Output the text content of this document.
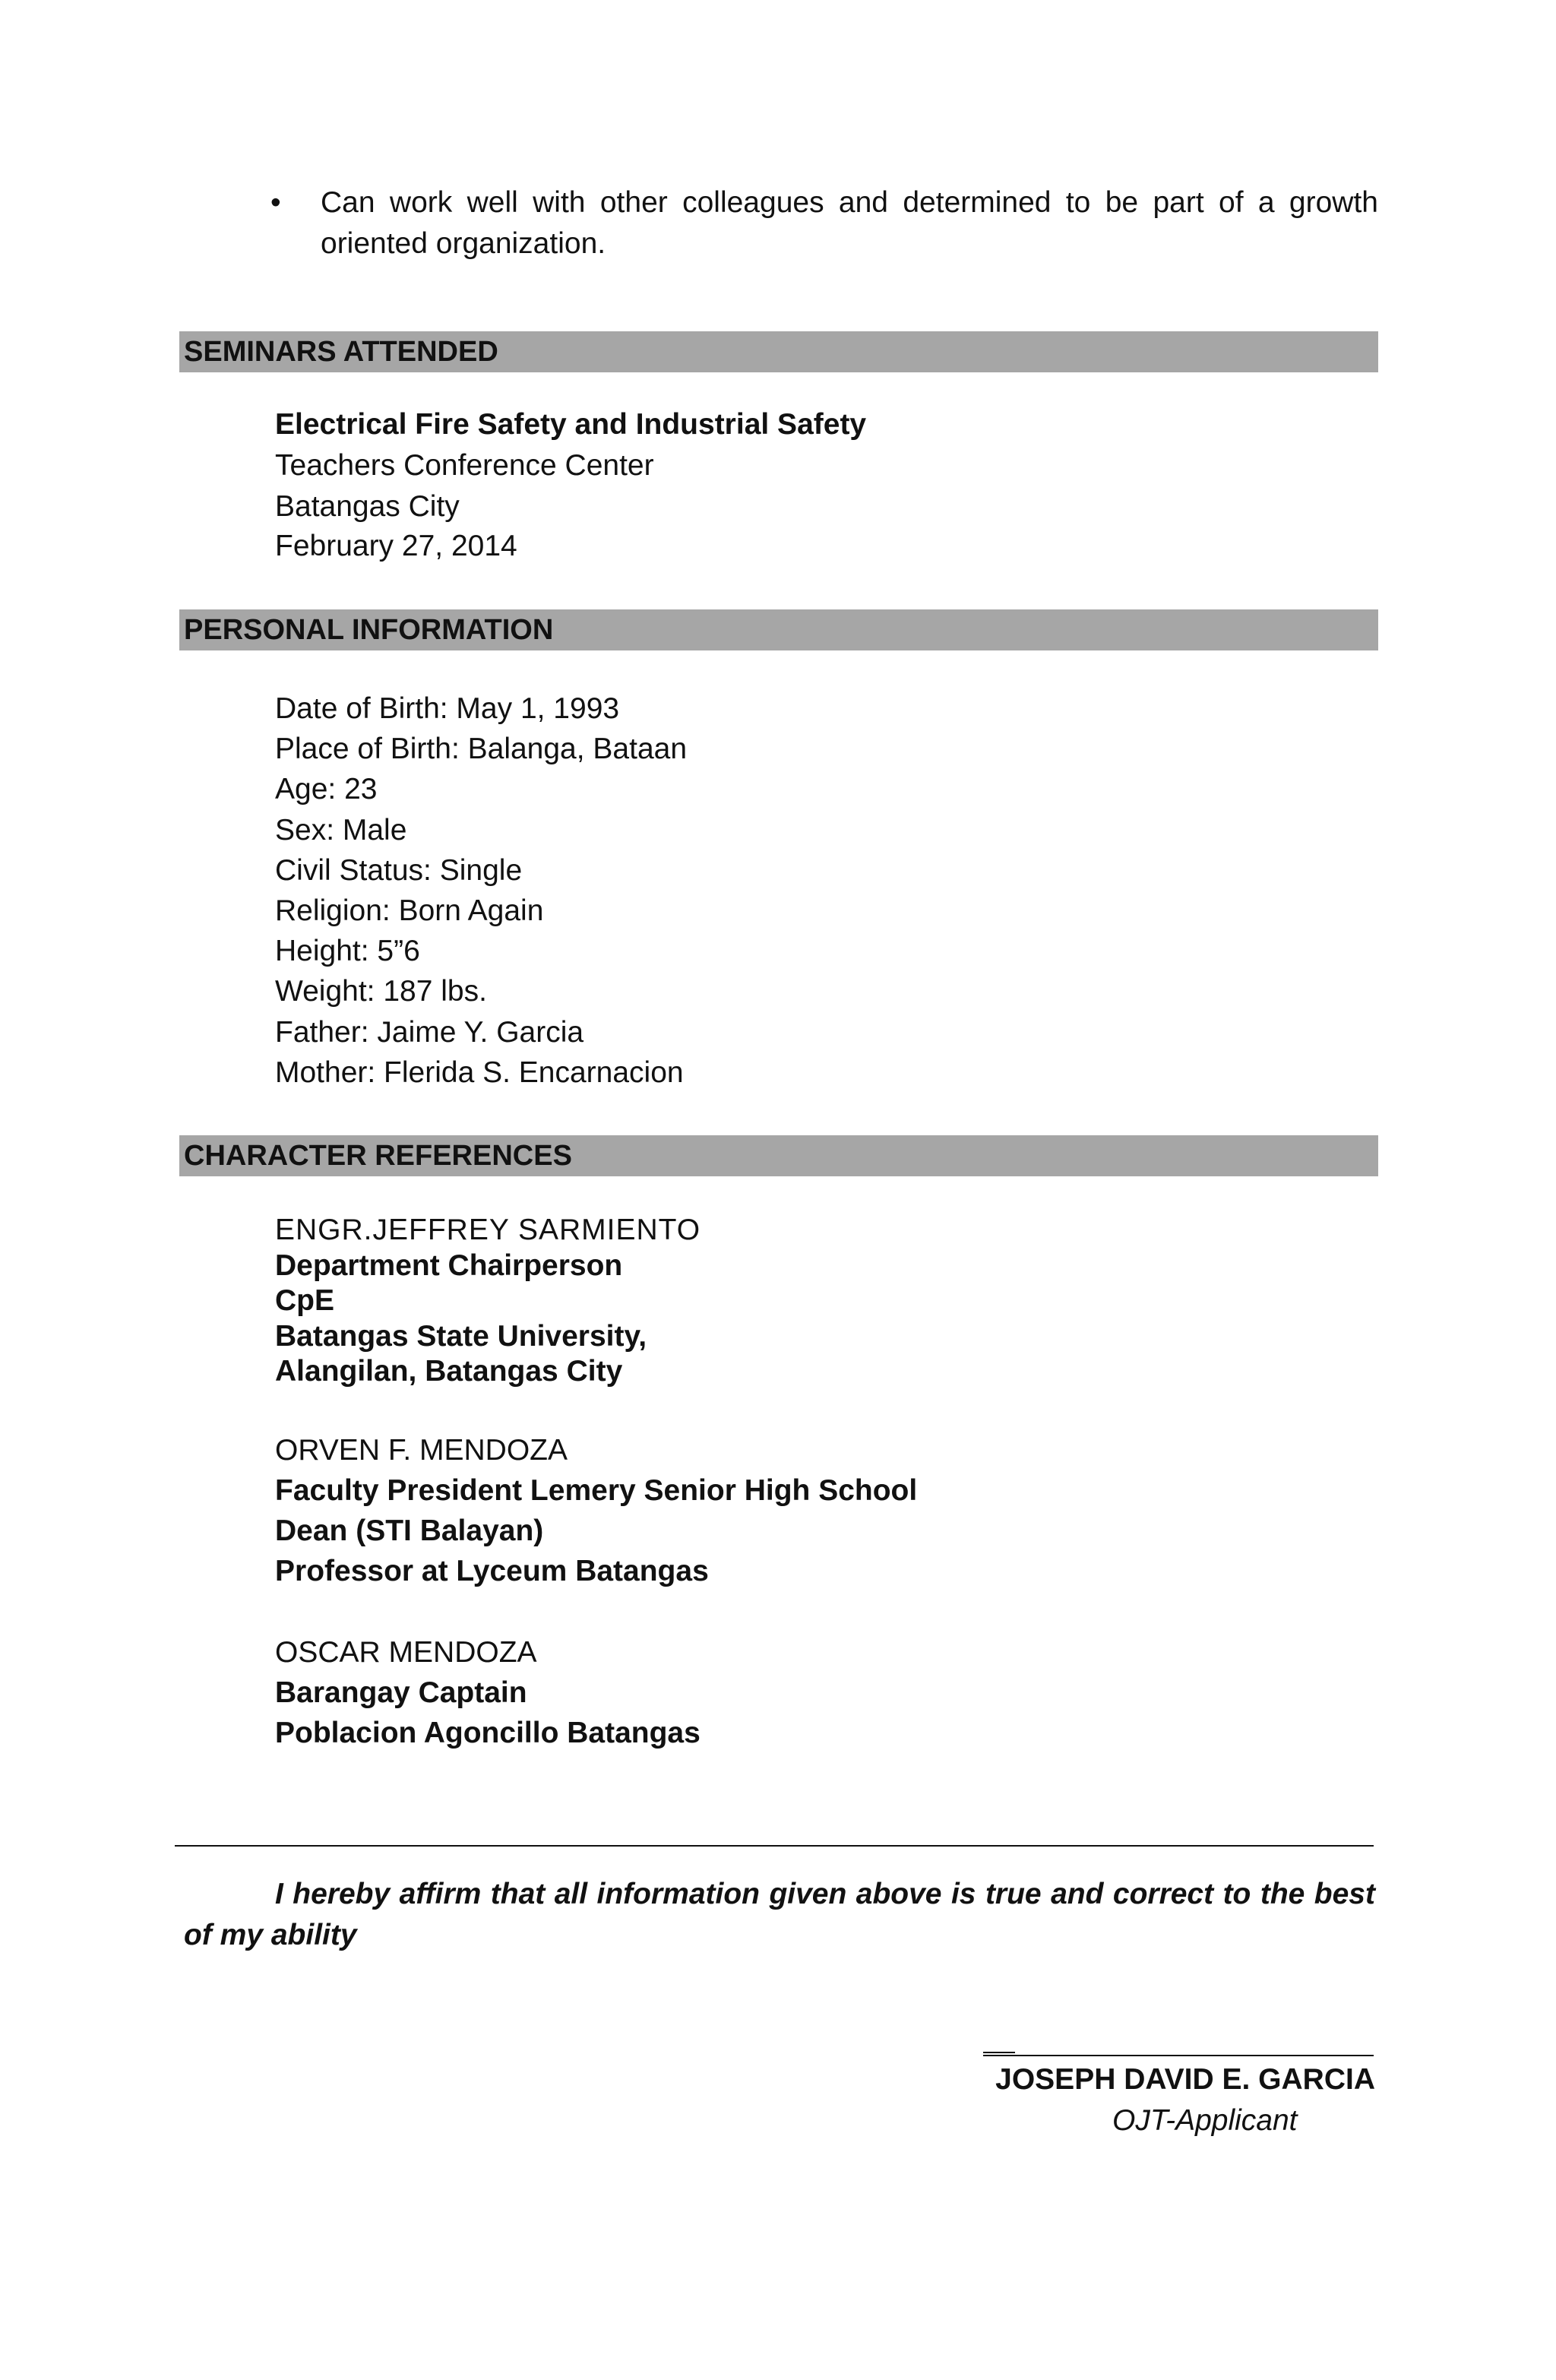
• Can work well with other colleagues and determined to be part of a growth oriented organization.
SEMINARS ATTENDED
Electrical Fire Safety and Industrial Safety
Teachers Conference Center
Batangas City
February 27, 2014
PERSONAL INFORMATION
Date of Birth: May 1, 1993
Place of Birth: Balanga, Bataan
Age: 23
Sex: Male
Civil Status: Single
Religion: Born Again
Height: 5”6
Weight: 187 lbs.
Father: Jaime Y. Garcia
Mother: Flerida S. Encarnacion
CHARACTER REFERENCES
ENGR.JEFFREY SARMIENTO
Department Chairperson
CpE
Batangas State University,
Alangilan, Batangas City
ORVEN F. MENDOZA
Faculty President Lemery Senior High School
Dean (STI Balayan)
Professor at Lyceum Batangas
OSCAR MENDOZA
Barangay Captain
Poblacion Agoncillo Batangas
I hereby affirm that all information given above is true and correct to the best of my ability
JOSEPH DAVID E. GARCIA
OJT-Applicant
